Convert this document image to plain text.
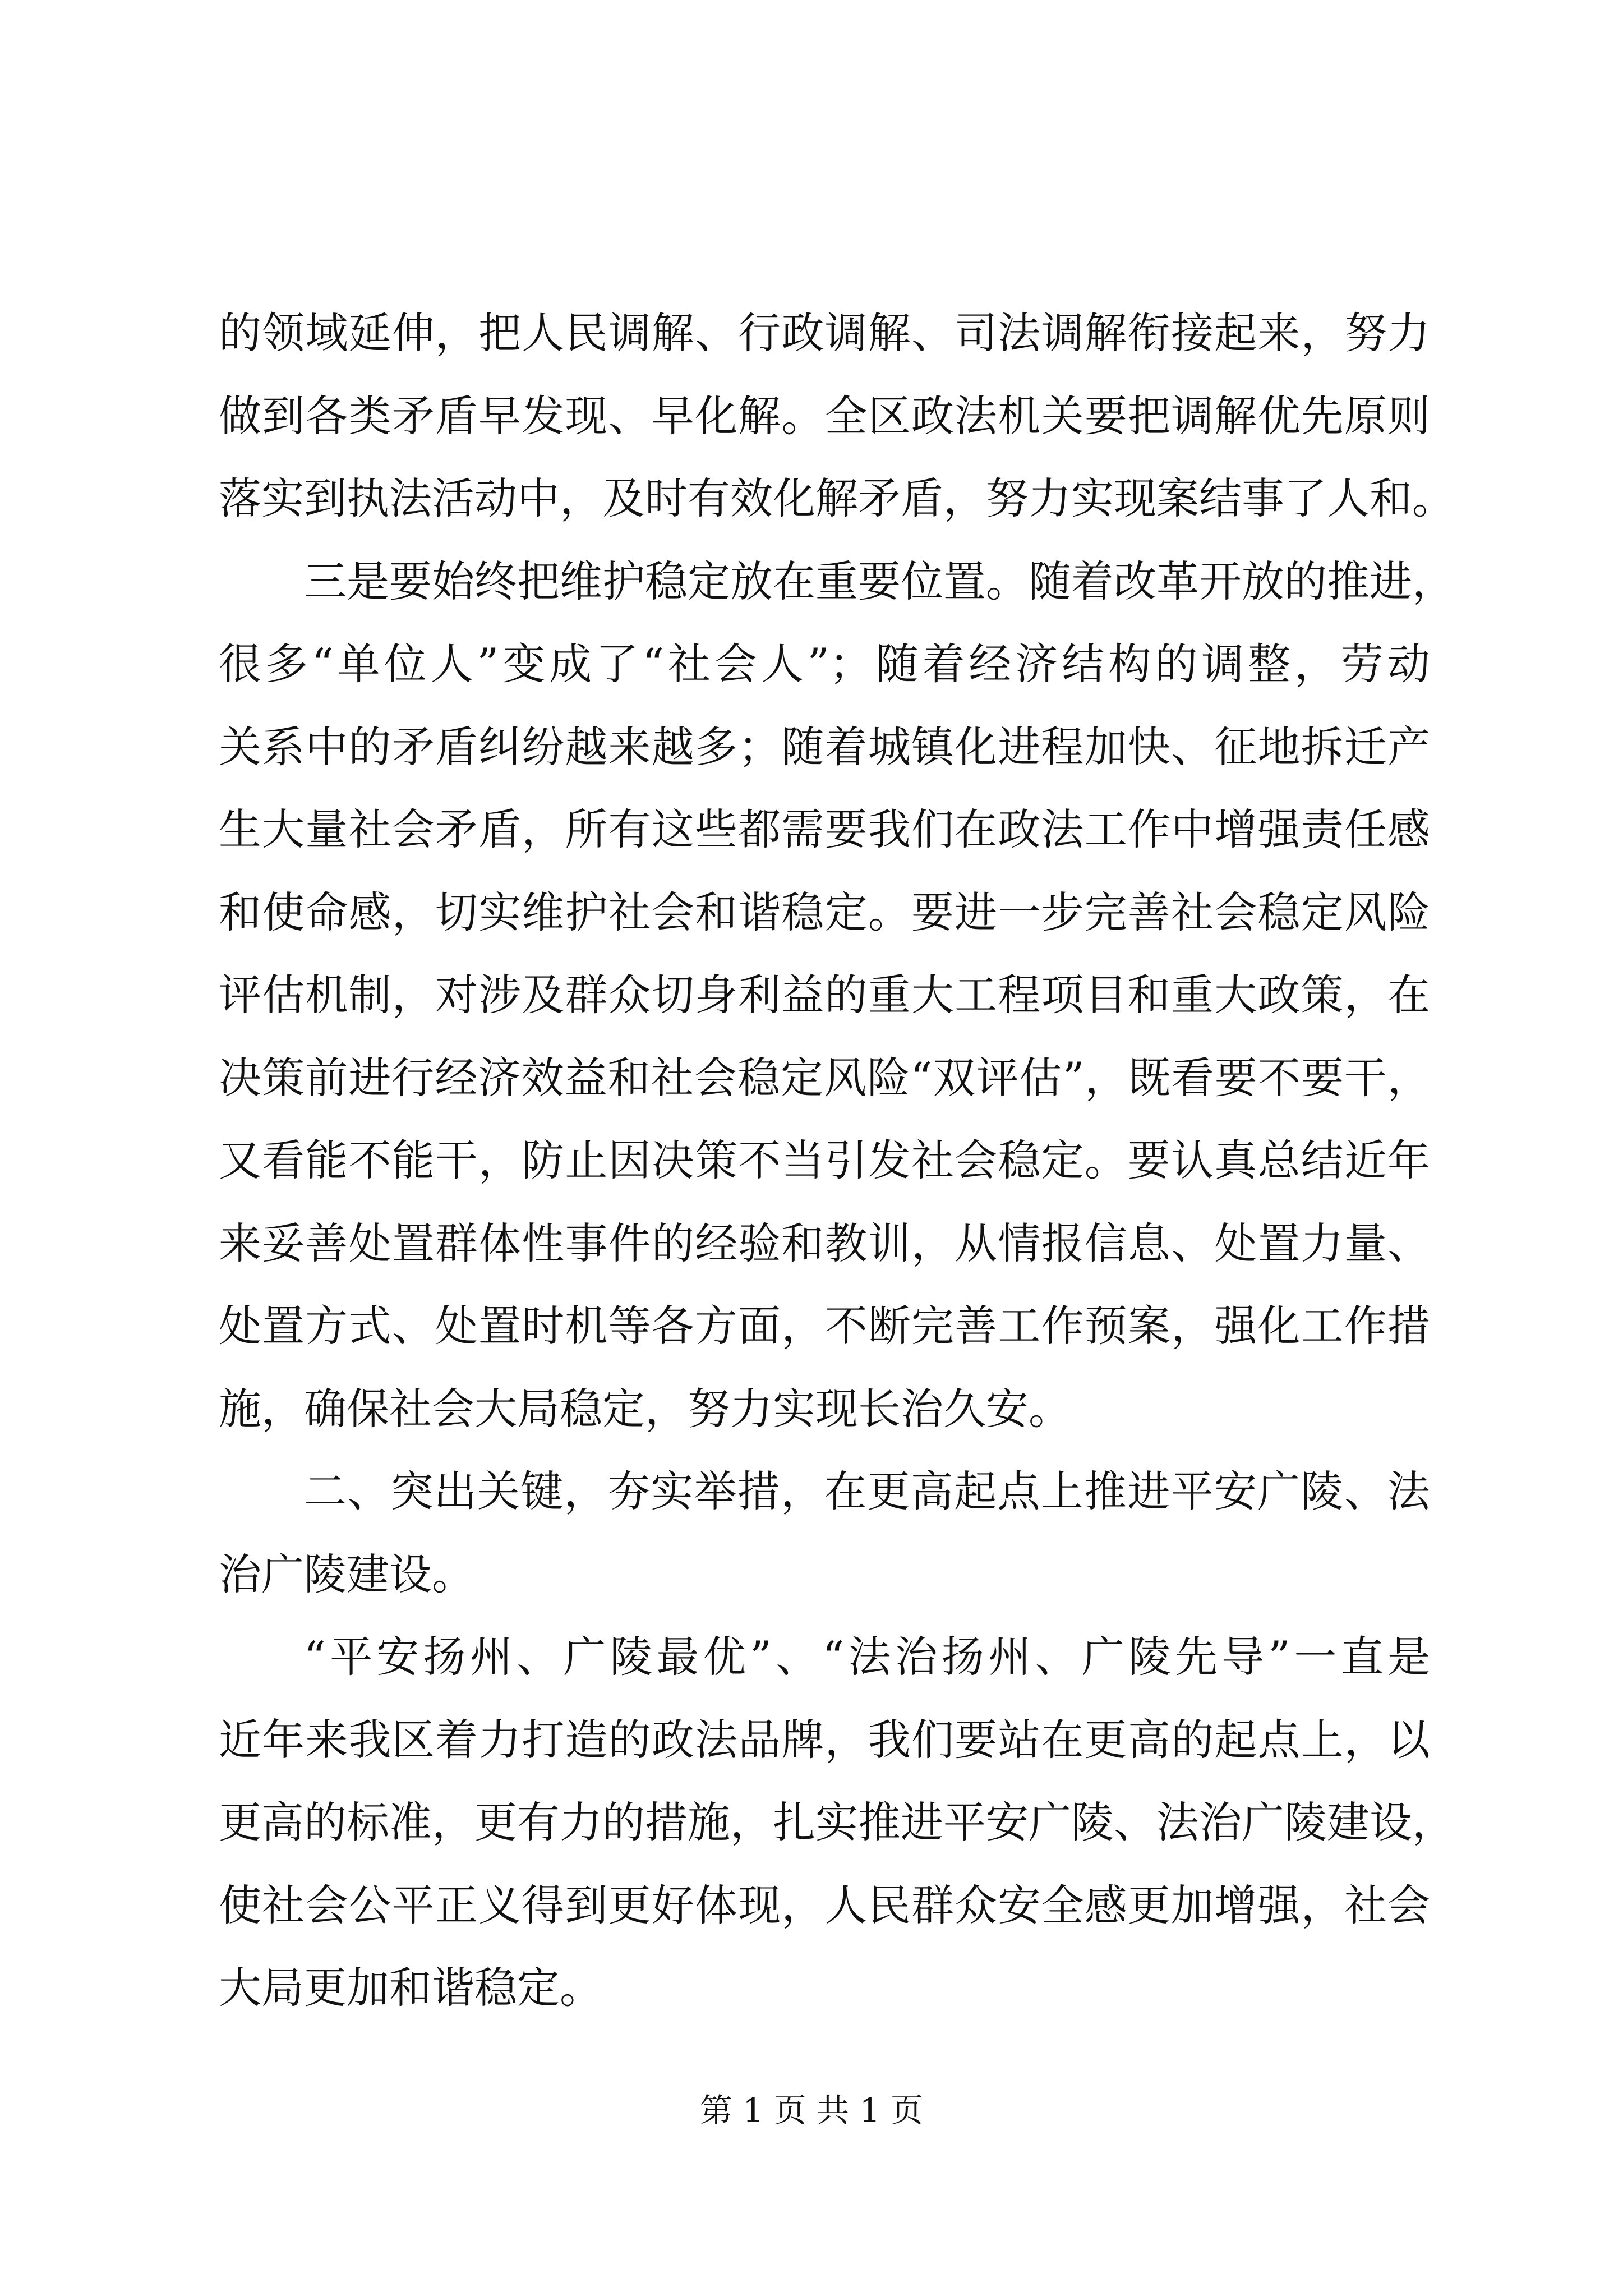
的领域延伸，把人民调解、行政调解、司法调解衔接起来，努力
做到各类矛盾早发现、早化解。全区政法机关要把调解优先原则
落实到执法活动中，及时有效化解矛盾，努力实现案结事了人和。
三是要始终把维护稳定放在重要位置。随着改革开放的推进，
很多“单位人”变成了“社会人”；随着经济结构的调整，劳动
关系中的矛盾纠纷越来越多；随着城镇化进程加快、征地拆迁产
生大量社会矛盾，所有这些都需要我们在政法工作中增强责任感
和使命感，切实维护社会和谐稳定。要进一步完善社会稳定风险
评估机制，对涉及群众切身利益的重大工程项目和重大政策，在
决策前进行经济效益和社会稳定风险“双评估”，既看要不要干，
又看能不能干，防止因决策不当引发社会稳定。要认真总结近年
来妥善处置群体性事件的经验和教训，从情报信息、处置力量、
处置方式、处置时机等各方面，不断完善工作预案，强化工作措
施，确保社会大局稳定，努力实现长治久安。
二、突出关键，夯实举措，在更高起点上推进平安广陵、法
治广陵建设。
“平安扬州、广陵最优”、“法治扬州、广陵先导”一直是
近年来我区着力打造的政法品牌，我们要站在更高的起点上，以
更高的标准，更有力的措施，扎实推进平安广陵、法治广陵建设，
使社会公平正义得到更好体现，人民群众安全感更加增强，社会
大局更加和谐稳定。
第 1 页 共 1 页
